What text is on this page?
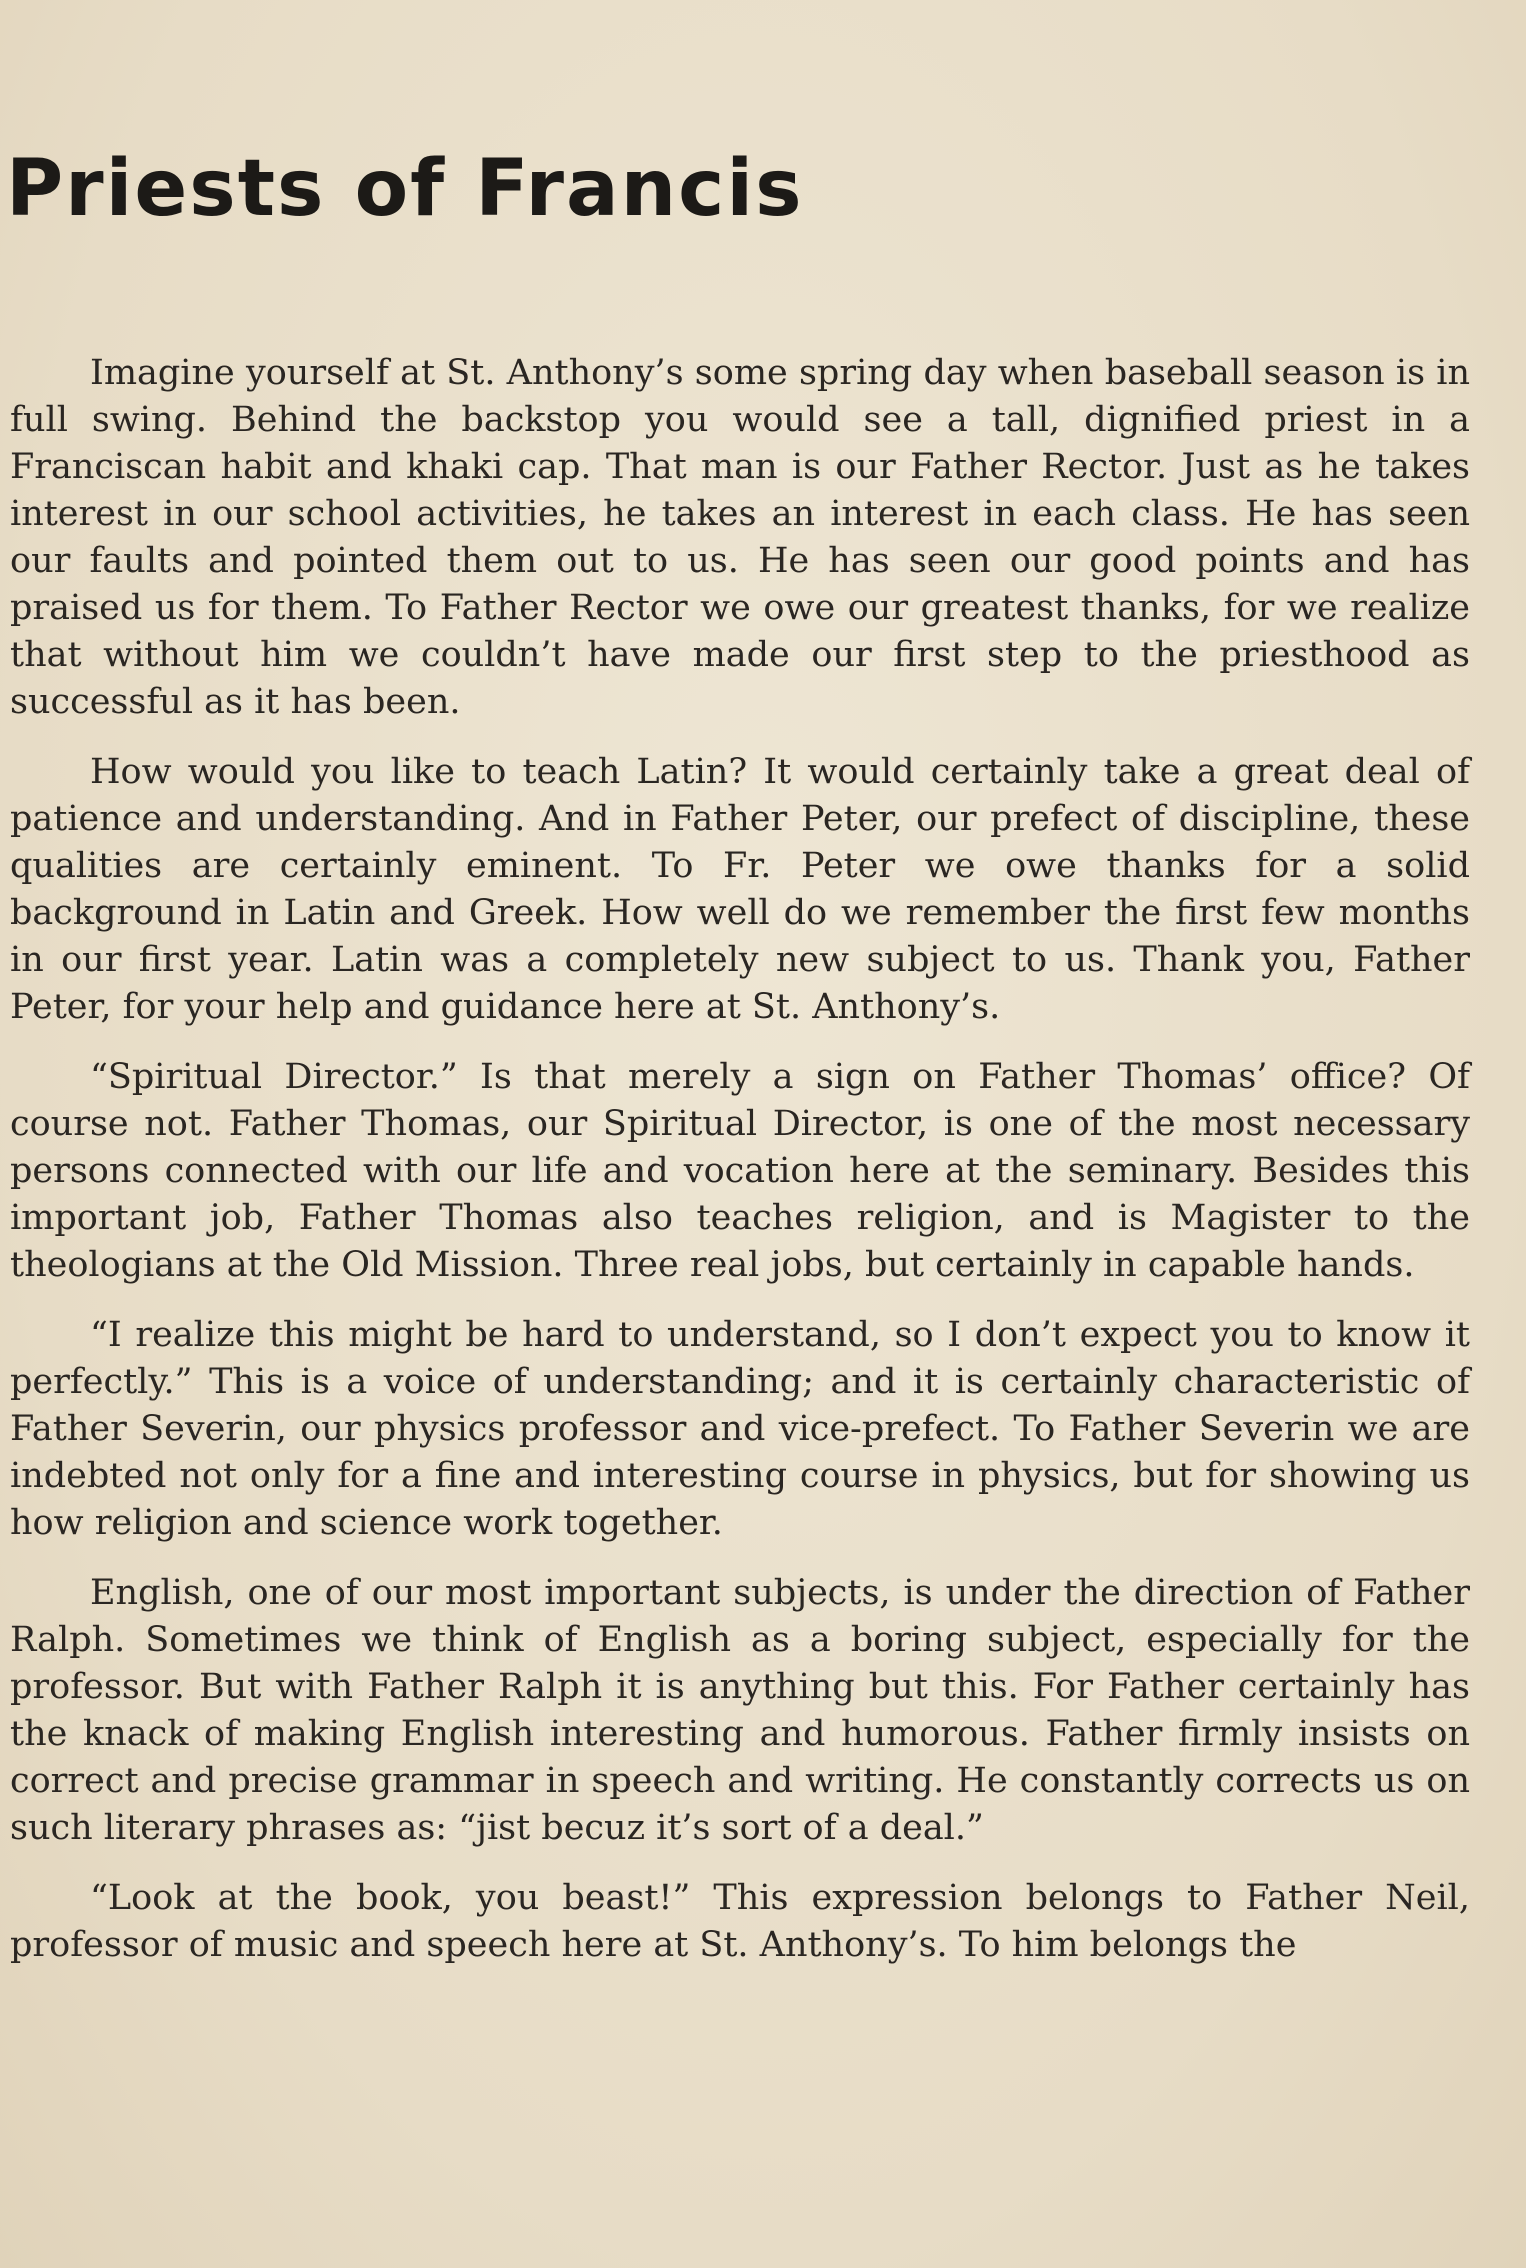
Priests of Francis

Imagine yourself at St. Anthony’s some spring day when baseball season is in full swing. Behind the backstop you would see a tall, dignified priest in a Franciscan habit and khaki cap. That man is our Father Rector. Just as he takes interest in our school activities, he takes an interest in each class. He has seen our faults and pointed them out to us. He has seen our good points and has praised us for them. To Father Rector we owe our greatest thanks, for we realize that without him we couldn’t have made our first step to the priesthood as successful as it has been.

How would you like to teach Latin? It would certainly take a great deal of patience and understanding. And in Father Peter, our prefect of discipline, these qualities are certainly eminent. To Fr. Peter we owe thanks for a solid background in Latin and Greek. How well do we remember the first few months in our first year. Latin was a completely new subject to us. Thank you, Father Peter, for your help and guidance here at St. Anthony’s.

“Spiritual Director.” Is that merely a sign on Father Thomas’ office? Of course not. Father Thomas, our Spiritual Director, is one of the most necessary persons connected with our life and vocation here at the seminary. Besides this important job, Father Thomas also teaches religion, and is Magister to the theologians at the Old Mission. Three real jobs, but certainly in capable hands.

“I realize this might be hard to understand, so I don’t expect you to know it perfectly.” This is a voice of understanding; and it is certainly characteristic of Father Severin, our physics professor and vice-prefect. To Father Severin we are indebted not only for a fine and interesting course in physics, but for showing us how religion and science work together.

English, one of our most important subjects, is under the direction of Father Ralph. Sometimes we think of English as a boring subject, especially for the professor. But with Father Ralph it is anything but this. For Father certainly has the knack of making English interesting and humorous. Father firmly insists on correct and precise grammar in speech and writing. He constantly corrects us on such literary phrases as: “jist becuz it’s sort of a deal.”

“Look at the book, you beast!” This expression belongs to Father Neil, professor of music and speech here at St. Anthony’s. To him belongs the
